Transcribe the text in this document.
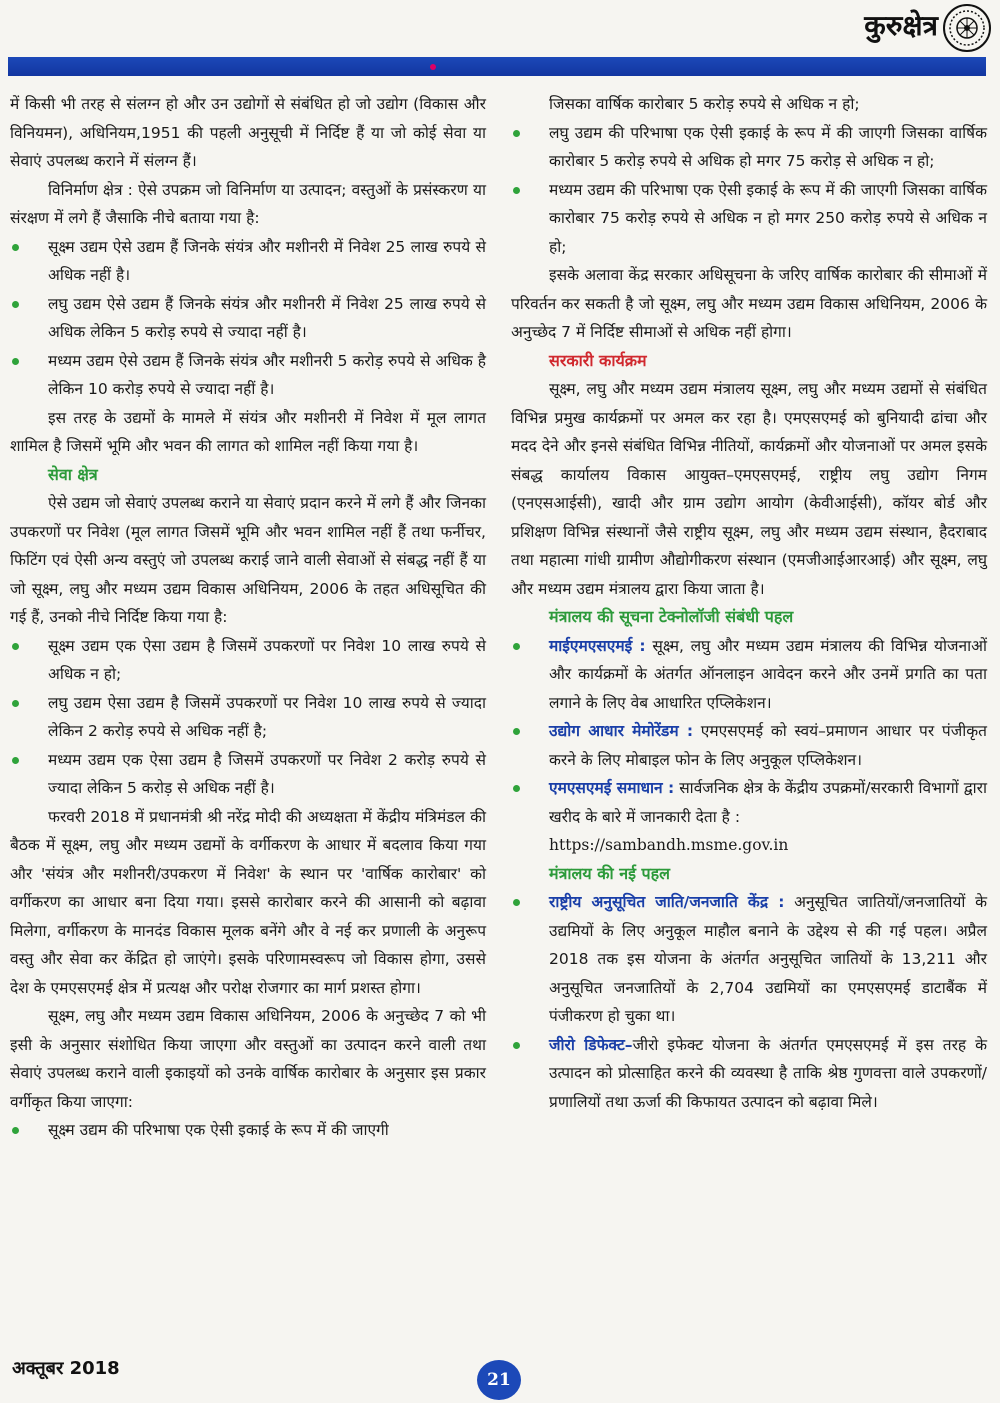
कुरुक्षेत्र

में किसी भी तरह से संलग्न हो और उन उद्योगों से संबंधित हो जो उद्योग (विकास और विनियमन), अधिनियम,1951 की पहली अनुसूची में निर्दिष्ट हैं या जो कोई सेवा या सेवाएं उपलब्ध कराने में संलग्न हैं।

विनिर्माण क्षेत्र : ऐसे उपक्रम जो विनिर्माण या उत्पादन; वस्तुओं के प्रसंस्करण या संरक्षण में लगे हैं जैसाकि नीचे बताया गया है:

सूक्ष्म उद्यम ऐसे उद्यम हैं जिनके संयंत्र और मशीनरी में निवेश 25 लाख रुपये से अधिक नहीं है।
लघु उद्यम ऐसे उद्यम हैं जिनके संयंत्र और मशीनरी में निवेश 25 लाख रुपये से अधिक लेकिन 5 करोड़ रुपये से ज्यादा नहीं है।
मध्यम उद्यम ऐसे उद्यम हैं जिनके संयंत्र और मशीनरी 5 करोड़ रुपये से अधिक है लेकिन 10 करोड़ रुपये से ज्यादा नहीं है।

इस तरह के उद्यमों के मामले में संयंत्र और मशीनरी में निवेश में मूल लागत शामिल है जिसमें भूमि और भवन की लागत को शामिल नहीं किया गया है।

सेवा क्षेत्र

ऐसे उद्यम जो सेवाएं उपलब्ध कराने या सेवाएं प्रदान करने में लगे हैं और जिनका उपकरणों पर निवेश (मूल लागत जिसमें भूमि और भवन शामिल नहीं हैं तथा फर्नीचर, फिटिंग एवं ऐसी अन्य वस्तुएं जो उपलब्ध कराई जाने वाली सेवाओं से संबद्ध नहीं हैं या जो सूक्ष्म, लघु और मध्यम उद्यम विकास अधिनियम, 2006 के तहत अधिसूचित की गई हैं, उनको नीचे निर्दिष्ट किया गया है:

सूक्ष्म उद्यम एक ऐसा उद्यम है जिसमें उपकरणों पर निवेश 10 लाख रुपये से अधिक न हो;
लघु उद्यम ऐसा उद्यम है जिसमें उपकरणों पर निवेश 10 लाख रुपये से ज्यादा लेकिन 2 करोड़ रुपये से अधिक नहीं है;
मध्यम उद्यम एक ऐसा उद्यम है जिसमें उपकरणों पर निवेश 2 करोड़ रुपये से ज्यादा लेकिन 5 करोड़ से अधिक नहीं है।

फरवरी 2018 में प्रधानमंत्री श्री नरेंद्र मोदी की अध्यक्षता में केंद्रीय मंत्रिमंडल की बैठक में सूक्ष्म, लघु और मध्यम उद्यमों के वर्गीकरण के आधार में बदलाव किया गया और 'संयंत्र और मशीनरी/उपकरण में निवेश' के स्थान पर 'वार्षिक कारोबार' को वर्गीकरण का आधार बना दिया गया। इससे कारोबार करने की आसानी को बढ़ावा मिलेगा, वर्गीकरण के मानदंड विकास मूलक बनेंगे और वे नई कर प्रणाली के अनुरूप वस्तु और सेवा कर केंद्रित हो जाएंगे। इसके परिणामस्वरूप जो विकास होगा, उससे देश के एमएसएमई क्षेत्र में प्रत्यक्ष और परोक्ष रोजगार का मार्ग प्रशस्त होगा।

सूक्ष्म, लघु और मध्यम उद्यम विकास अधिनियम, 2006 के अनुच्छेद 7 को भी इसी के अनुसार संशोधित किया जाएगा और वस्तुओं का उत्पादन करने वाली तथा सेवाएं उपलब्ध कराने वाली इकाइयों को उनके वार्षिक कारोबार के अनुसार इस प्रकार वर्गीकृत किया जाएगा:

सूक्ष्म उद्यम की परिभाषा एक ऐसी इकाई के रूप में की जाएगी

जिसका वार्षिक कारोबार 5 करोड़ रुपये से अधिक न हो;

लघु उद्यम की परिभाषा एक ऐसी इकाई के रूप में की जाएगी जिसका वार्षिक कारोबार 5 करोड़ रुपये से अधिक हो मगर 75 करोड़ से अधिक न हो;
मध्यम उद्यम की परिभाषा एक ऐसी इकाई के रूप में की जाएगी जिसका वार्षिक कारोबार 75 करोड़ रुपये से अधिक न हो मगर 250 करोड़ रुपये से अधिक न हो;

इसके अलावा केंद्र सरकार अधिसूचना के जरिए वार्षिक कारोबार की सीमाओं में परिवर्तन कर सकती है जो सूक्ष्म, लघु और मध्यम उद्यम विकास अधिनियम, 2006 के अनुच्छेद 7 में निर्दिष्ट सीमाओं से अधिक नहीं होगा।

सरकारी कार्यक्रम

सूक्ष्म, लघु और मध्यम उद्यम मंत्रालय सूक्ष्म, लघु और मध्यम उद्यमों से संबंधित विभिन्न प्रमुख कार्यक्रमों पर अमल कर रहा है। एमएसएमई को बुनियादी ढांचा और मदद देने और इनसे संबंधित विभिन्न नीतियों, कार्यक्रमों और योजनाओं पर अमल इसके संबद्ध कार्यालय विकास आयुक्त–एमएसएमई, राष्ट्रीय लघु उद्योग निगम (एनएसआईसी), खादी और ग्राम उद्योग आयोग (केवीआईसी), कॉयर बोर्ड और प्रशिक्षण विभिन्न संस्थानों जैसे राष्ट्रीय सूक्ष्म, लघु और मध्यम उद्यम संस्थान, हैदराबाद तथा महात्मा गांधी ग्रामीण औद्योगीकरण संस्थान (एमजीआईआरआई) और सूक्ष्म, लघु और मध्यम उद्यम मंत्रालय द्वारा किया जाता है।

मंत्रालय की सूचना टेक्नोलॉजी संबंधी पहल
माईएमएसएमई : सूक्ष्म, लघु और मध्यम उद्यम मंत्रालय की विभिन्न योजनाओं और कार्यक्रमों के अंतर्गत ऑनलाइन आवेदन करने और उनमें प्रगति का पता लगाने के लिए वेब आधारित एप्लिकेशन।
उद्योग आधार मेमोरेंडम : एमएसएमई को स्वयं–प्रमाणन आधार पर पंजीकृत करने के लिए मोबाइल फोन के लिए अनुकूल एप्लिकेशन।
एमएसएमई समाधान : सार्वजनिक क्षेत्र के केंद्रीय उपक्रमों/सरकारी विभागों द्वारा खरीद के बारे में जानकारी देता है :
https://sambandh.msme.gov.in
मंत्रालय की नई पहल
राष्ट्रीय अनुसूचित जाति/जनजाति केंद्र : अनुसूचित जातियों/जनजातियों के उद्यमियों के लिए अनुकूल माहौल बनाने के उद्देश्य से की गई पहल। अप्रैल 2018 तक इस योजना के अंतर्गत अनुसूचित जातियों के 13,211 और अनुसूचित जनजातियों के 2,704 उद्यमियों का एमएसएमई डाटाबैंक में पंजीकरण हो चुका था।
जीरो डिफेक्ट–जीरो इफेक्ट योजना के अंतर्गत एमएसएमई में इस तरह के उत्पादन को प्रोत्साहित करने की व्यवस्था है ताकि श्रेष्ठ गुणवत्ता वाले उपकरणों/ प्रणालियों तथा ऊर्जा की किफायत उत्पादन को बढ़ावा मिले।
अक्तूबर 2018
21
